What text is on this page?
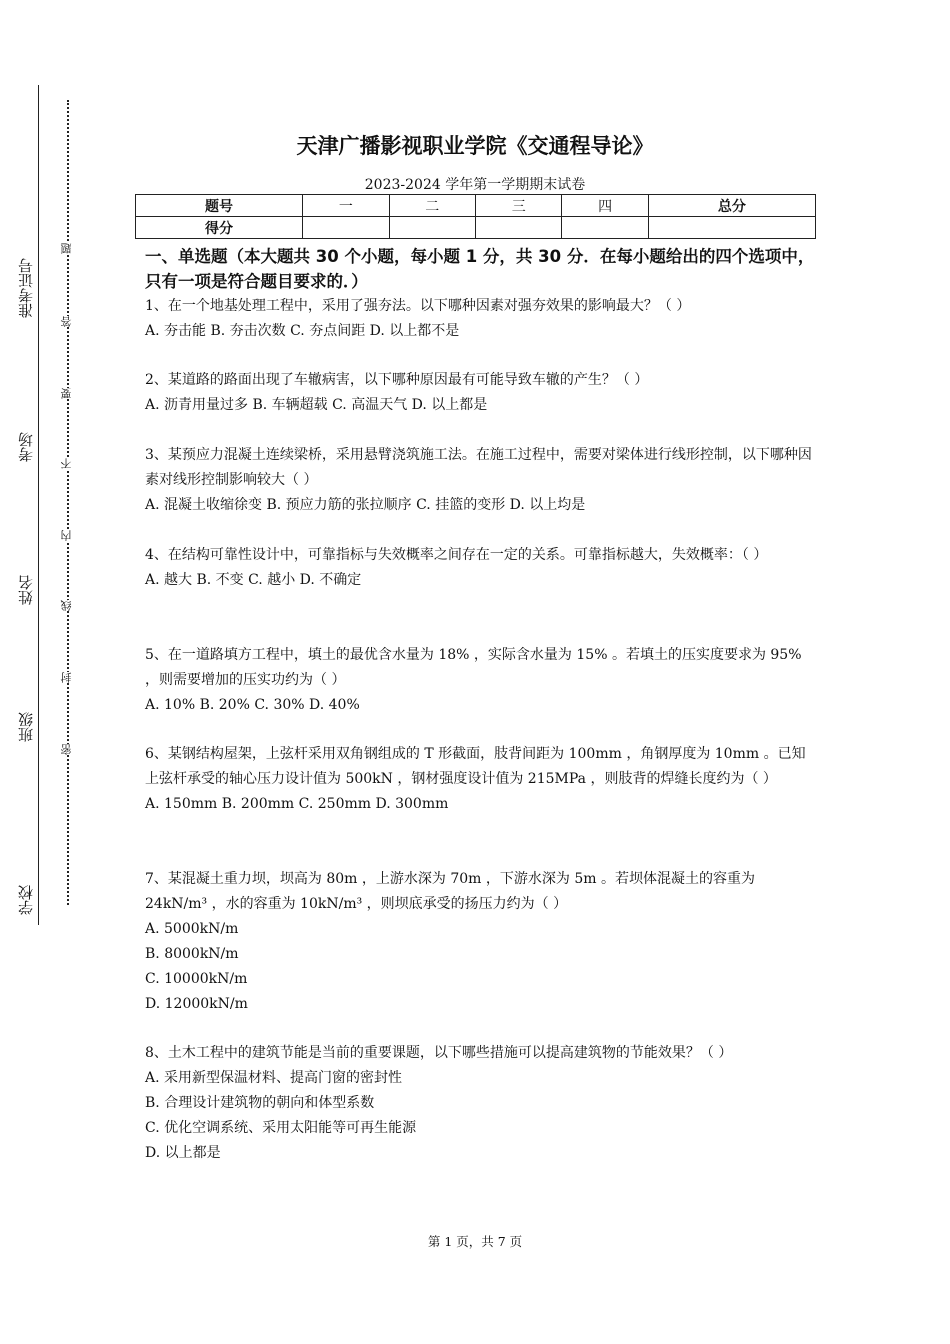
学校
班级
姓名
考场
准考证号
密
封
线
内
不
要
答
题
天津广播影视职业学院《交通程导论》
2023-2024 学年第一学期期末试卷
题号	一	二	三	四	总分
得分					
一、单选题（本大题共 30 个小题，每小题 1 分，共 30 分．在每小题给出的四个选项中，只有一项是符合题目要求的．）
1、在一个地基处理工程中，采用了强夯法。以下哪种因素对强夯效果的影响最大？（ ）
A. 夯击能 B. 夯击次数 C. 夯点间距 D. 以上都不是
2、某道路的路面出现了车辙病害，以下哪种原因最有可能导致车辙的产生？（ ）
A. 沥青用量过多 B. 车辆超载 C. 高温天气 D. 以上都是
3、某预应力混凝土连续梁桥，采用悬臂浇筑施工法。在施工过程中，需要对梁体进行线形控制，以下哪种因素对线形控制影响较大（ ）
A. 混凝土收缩徐变 B. 预应力筋的张拉顺序 C. 挂篮的变形 D. 以上均是
4、在结构可靠性设计中，可靠指标与失效概率之间存在一定的关系。可靠指标越大，失效概率：（ ）
A. 越大 B. 不变 C. 越小 D. 不确定
5、在一道路填方工程中，填土的最优含水量为 18% ，实际含水量为 15% 。若填土的压实度要求为 95% ，则需要增加的压实功约为（ ）
A. 10% B. 20% C. 30% D. 40%
6、某钢结构屋架，上弦杆采用双角钢组成的 T 形截面，肢背间距为 100mm ，角钢厚度为 10mm 。已知上弦杆承受的轴心压力设计值为 500kN ，钢材强度设计值为 215MPa ，则肢背的焊缝长度约为（ ）
A. 150mm B. 200mm C. 250mm D. 300mm
7、某混凝土重力坝，坝高为 80m ，上游水深为 70m ，下游水深为 5m 。若坝体混凝土的容重为 24kN/m³ ，水的容重为 10kN/m³ ，则坝底承受的扬压力约为（ ）
A. 5000kN/m
B. 8000kN/m
C. 10000kN/m
D. 12000kN/m
8、土木工程中的建筑节能是当前的重要课题，以下哪些措施可以提高建筑物的节能效果？（ ）
A. 采用新型保温材料、提高门窗的密封性
B. 合理设计建筑物的朝向和体型系数
C. 优化空调系统、采用太阳能等可再生能源
D. 以上都是
第 1 页，共 7 页
